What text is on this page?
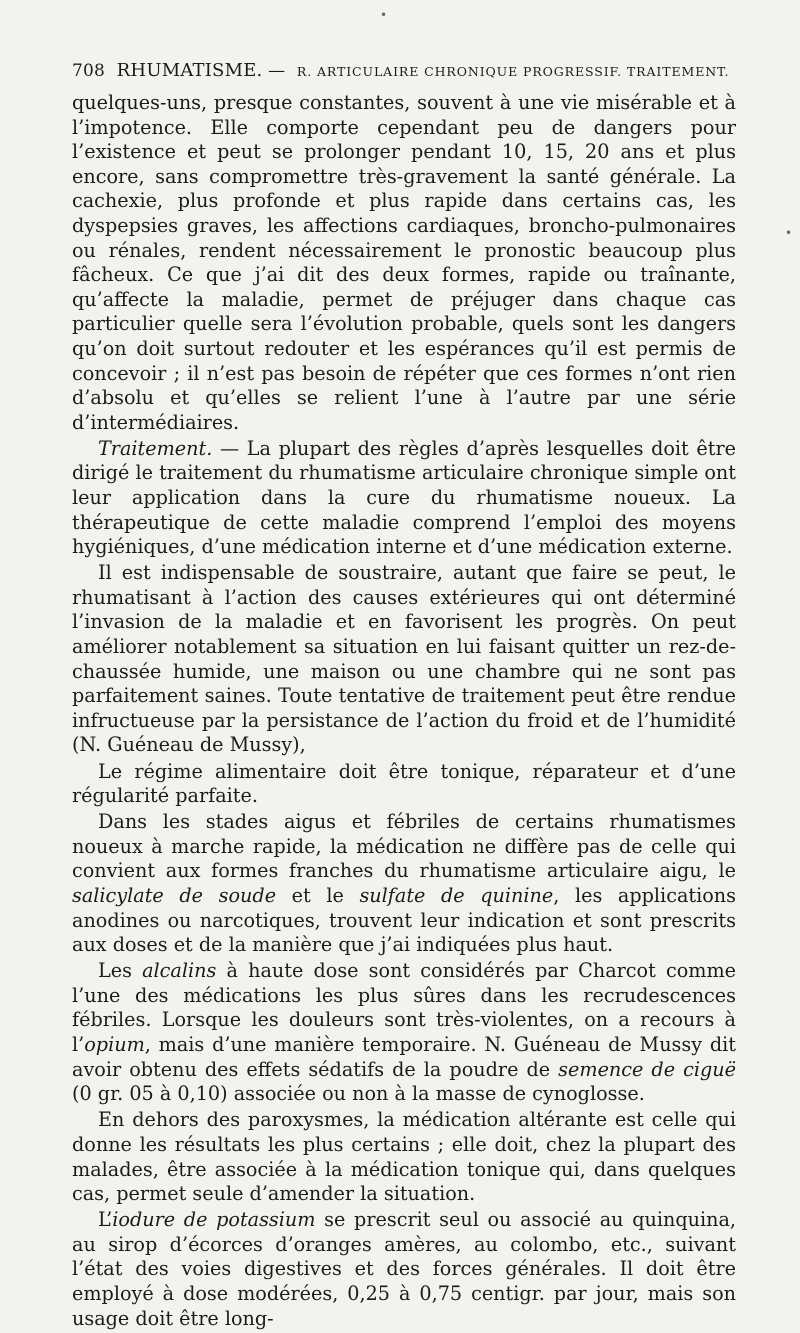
708 RHUMATISME. — R. ARTICULAIRE CHRONIQUE PROGRESSIF. TRAITEMENT.

quelques-uns, presque constantes, souvent à une vie misérable et à l’impotence. Elle comporte cependant peu de dangers pour l’existence et peut se prolonger pendant 10, 15, 20 ans et plus encore, sans compromettre très-gravement la santé générale. La cachexie, plus profonde et plus rapide dans certains cas, les dyspepsies graves, les affections cardiaques, broncho-pulmonaires ou rénales, rendent nécessairement le pronostic beaucoup plus fâcheux. Ce que j’ai dit des deux formes, rapide ou traînante, qu’affecte la maladie, permet de préjuger dans chaque cas particulier quelle sera l’évolution probable, quels sont les dangers qu’on doit surtout redouter et les espérances qu’il est permis de concevoir ; il n’est pas besoin de répéter que ces formes n’ont rien d’absolu et qu’elles se relient l’une à l’autre par une série d’intermédiaires.

Traitement. — La plupart des règles d’après lesquelles doit être dirigé le traitement du rhumatisme articulaire chronique simple ont leur application dans la cure du rhumatisme noueux. La thérapeutique de cette maladie comprend l’emploi des moyens hygiéniques, d’une médication interne et d’une médication externe.

Il est indispensable de soustraire, autant que faire se peut, le rhumatisant à l’action des causes extérieures qui ont déterminé l’invasion de la maladie et en favorisent les progrès. On peut améliorer notablement sa situation en lui faisant quitter un rez-de-chaussée humide, une maison ou une chambre qui ne sont pas parfaitement saines. Toute tentative de traitement peut être rendue infructueuse par la persistance de l’action du froid et de l’humidité (N. Guéneau de Mussy),

Le régime alimentaire doit être tonique, réparateur et d’une régularité parfaite.

Dans les stades aigus et fébriles de certains rhumatismes noueux à marche rapide, la médication ne diffère pas de celle qui convient aux formes franches du rhumatisme articulaire aigu, le salicylate de soude et le sulfate de quinine, les applications anodines ou narcotiques, trouvent leur indication et sont prescrits aux doses et de la manière que j’ai indiquées plus haut.

Les alcalins à haute dose sont considérés par Charcot comme l’une des médications les plus sûres dans les recrudescences fébriles. Lorsque les douleurs sont très-violentes, on a recours à l’opium, mais d’une manière temporaire. N. Guéneau de Mussy dit avoir obtenu des effets sédatifs de la poudre de semence de ciguë (0 gr. 05 à 0,10) associée ou non à la masse de cynoglosse.

En dehors des paroxysmes, la médication altérante est celle qui donne les résultats les plus certains ; elle doit, chez la plupart des malades, être associée à la médication tonique qui, dans quelques cas, permet seule d’amender la situation.

L’iodure de potassium se prescrit seul ou associé au quinquina, au sirop d’écorces d’oranges amères, au colombo, etc., suivant l’état des voies digestives et des forces générales. Il doit être employé à dose modérées, 0,25 à 0,75 centigr. par jour, mais son usage doit être long-

•
•
